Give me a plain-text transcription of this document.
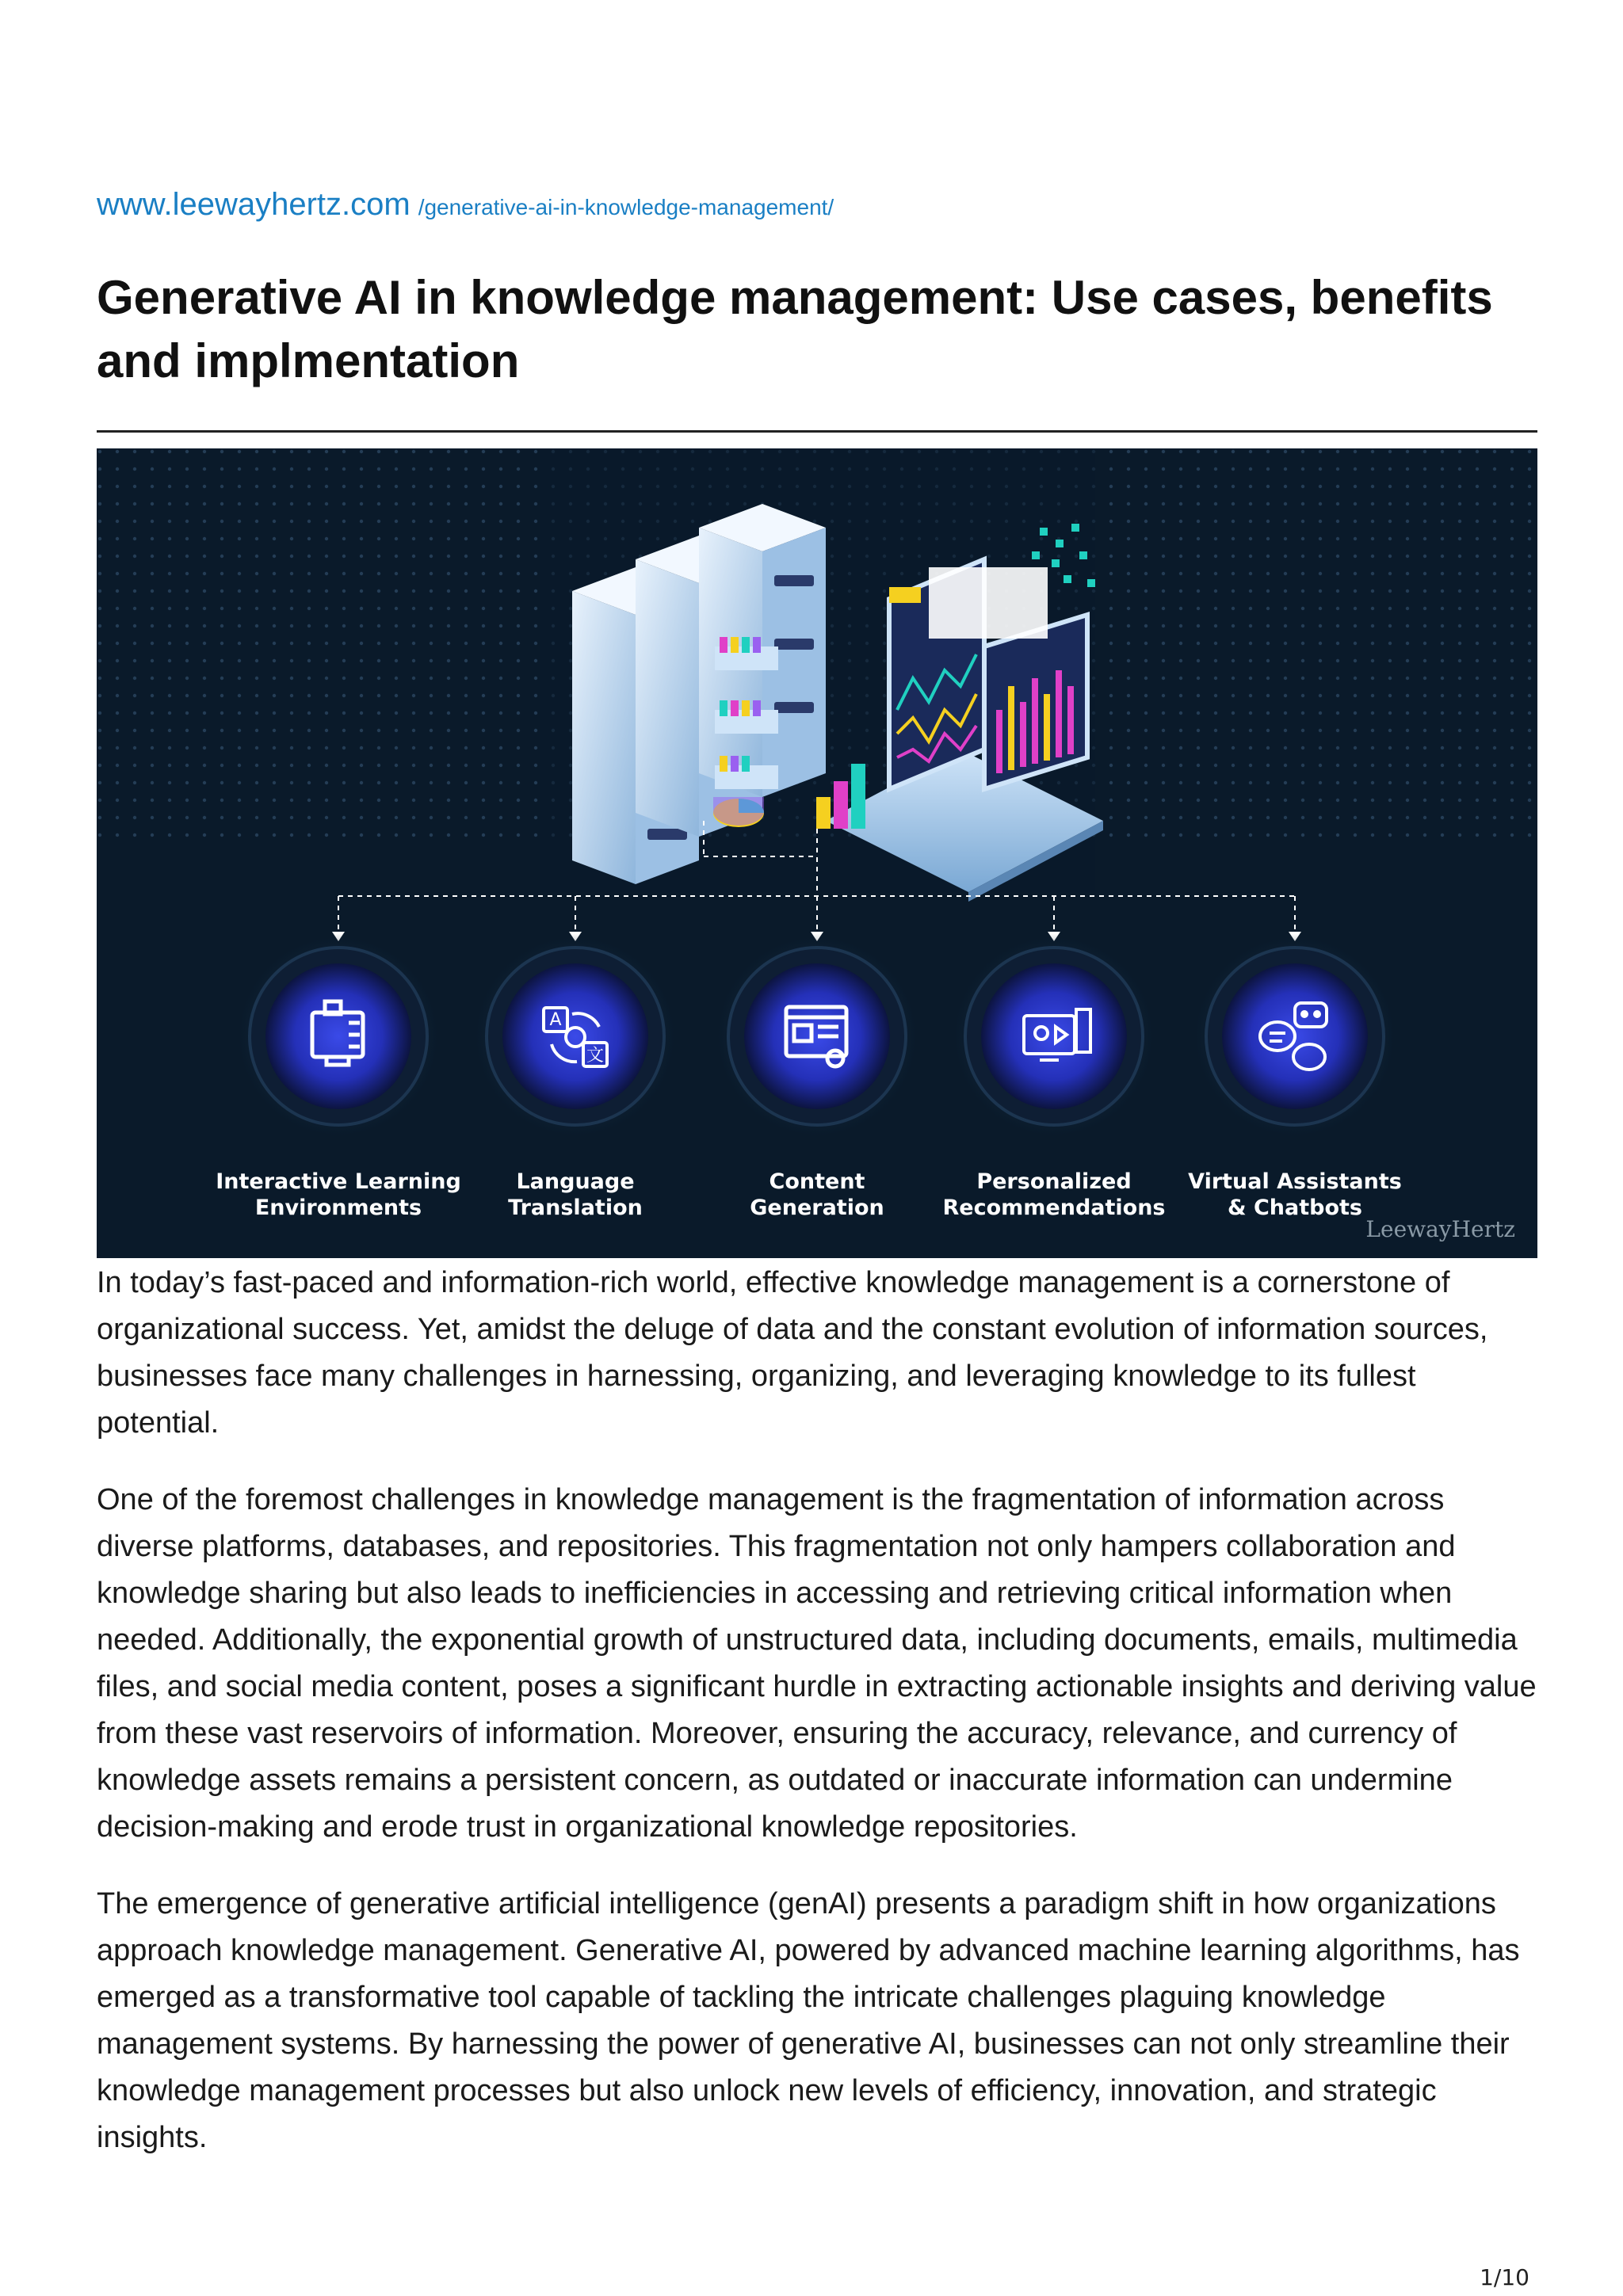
www.leewayhertz.com /generative-ai-in-knowledge-management/
Generative AI in knowledge management: Use cases, benefits and implmentation
Interactive Learning
Environments
A
文
Language
Translation
Content
Generation
Personalized
Recommendations
Virtual Assistants
& Chatbots
LeewayHertz

In today’s fast-paced and information-rich world, effective knowledge management is a cornerstone of organizational success. Yet, amidst the deluge of data and the constant evolution of information sources, businesses face many challenges in harnessing, organizing, and leveraging knowledge to its fullest potential.

One of the foremost challenges in knowledge management is the fragmentation of information across diverse platforms, databases, and repositories. This fragmentation not only hampers collaboration and knowledge sharing but also leads to inefficiencies in accessing and retrieving critical information when needed. Additionally, the exponential growth of unstructured data, including documents, emails, multimedia files, and social media content, poses a significant hurdle in extracting actionable insights and deriving value from these vast reservoirs of information. Moreover, ensuring the accuracy, relevance, and currency of knowledge assets remains a persistent concern, as outdated or inaccurate information can undermine decision-making and erode trust in organizational knowledge repositories.

The emergence of generative artificial intelligence (genAI) presents a paradigm shift in how organizations approach knowledge management. Generative AI, powered by advanced machine learning algorithms, has emerged as a transformative tool capable of tackling the intricate challenges plaguing knowledge management systems. By harnessing the power of generative AI, businesses can not only streamline their knowledge management processes but also unlock new levels of efficiency, innovation, and strategic insights.

1/10
